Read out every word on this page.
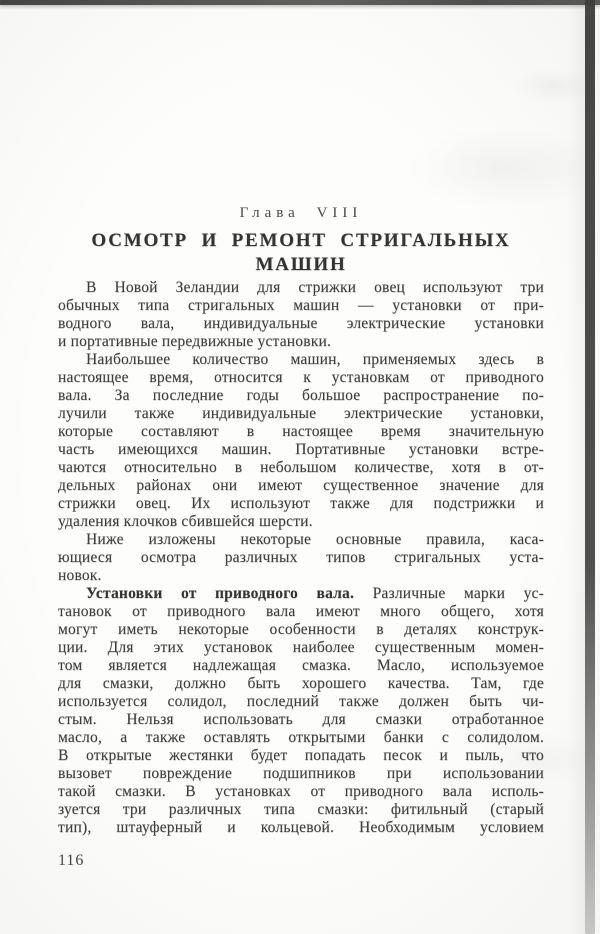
Глава VIII
ОСМОТР И РЕМОНТ СТРИГАЛЬНЫХ МАШИН
В Новой Зеландии для стрижки овец используют три
обычных типа стригальных машин — установки от при-
водного вала, индивидуальные электрические установки
и портативные передвижные установки.
Наибольшее количество машин, применяемых здесь в
настоящее время, относится к установкам от приводного
вала. За последние годы большое распространение по-
лучили также индивидуальные электрические установки,
которые составляют в настоящее время значительную
часть имеющихся машин. Портативные установки встре-
чаются относительно в небольшом количестве, хотя в от-
дельных районах они имеют существенное значение для
стрижки овец. Их используют также для подстрижки и
удаления клочков сбившейся шерсти.
Ниже изложены некоторые основные правила, каса-
ющиеся осмотра различных типов стригальных уста-
новок.
Установки от приводного вала. Различные марки ус-
тановок от приводного вала имеют много общего, хотя
могут иметь некоторые особенности в деталях конструк-
ции. Для этих установок наиболее существенным момен-
том является надлежащая смазка. Масло, используемое
для смазки, должно быть хорошего качества. Там, где
используется солидол, последний также должен быть чи-
стым. Нельзя использовать для смазки отработанное
масло, а также оставлять открытыми банки с солидолом.
В открытые жестянки будет попадать песок и пыль, что
вызовет повреждение подшипников при использовании
такой смазки. В установках от приводного вала исполь-
зуется три различных типа смазки: фитильный (старый
тип), штауферный и кольцевой. Необходимым условием
116
